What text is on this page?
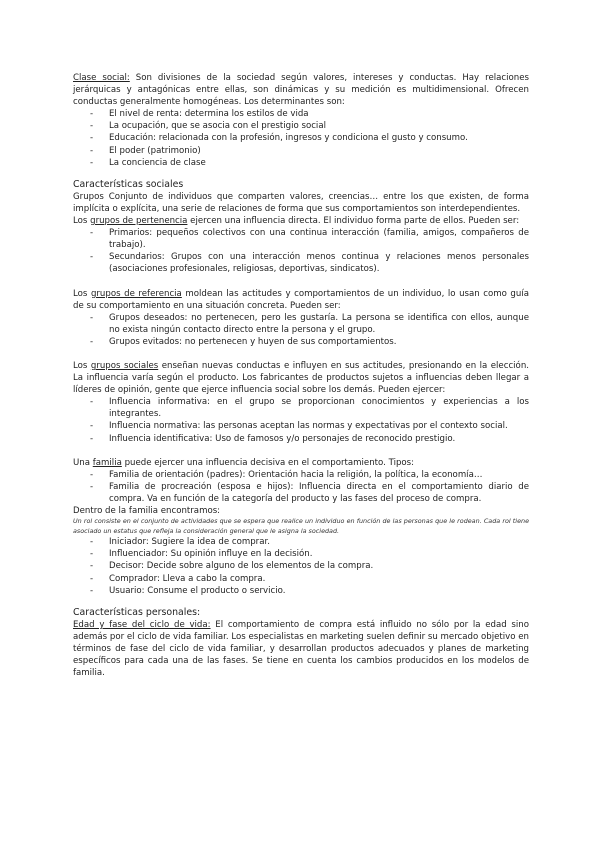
Clase social: Son divisiones de la sociedad según valores, intereses y conductas. Hay relaciones jerárquicas y antagónicas entre ellas, son dinámicas y su medición es multidimensional. Ofrecen conductas generalmente homogéneas. Los determinantes son:

- El nivel de renta: determina los estilos de vida
- La ocupación, que se asocia con el prestigio social
- Educación: relacionada con la profesión, ingresos y condiciona el gusto y consumo.
- El poder (patrimonio)
- La conciencia de clase

Características sociales

Grupos Conjunto de individuos que comparten valores, creencias… entre los que existen, de forma implícita o explícita, una serie de relaciones de forma que sus comportamientos son interdependientes.

Los grupos de pertenencia ejercen una influencia directa. El individuo forma parte de ellos. Pueden ser:

- Primarios: pequeños colectivos con una continua interacción (familia, amigos, compañeros de trabajo).
- Secundarios: Grupos con una interacción menos continua y relaciones menos personales (asociaciones profesionales, religiosas, deportivas, sindicatos).

Los grupos de referencia moldean las actitudes y comportamientos de un individuo, lo usan como guía de su comportamiento en una situación concreta. Pueden ser:

- Grupos deseados: no pertenecen, pero les gustaría. La persona se identifica con ellos, aunque no exista ningún contacto directo entre la persona y el grupo.
- Grupos evitados: no pertenecen y huyen de sus comportamientos.

Los grupos sociales enseñan nuevas conductas e influyen en sus actitudes, presionando en la elección. La influencia varía según el producto. Los fabricantes de productos sujetos a influencias deben llegar a líderes de opinión, gente que ejerce influencia social sobre los demás. Pueden ejercer:

- Influencia informativa: en el grupo se proporcionan conocimientos y experiencias a los integrantes.
- Influencia normativa: las personas aceptan las normas y expectativas por el contexto social.
- Influencia identificativa: Uso de famosos y/o personajes de reconocido prestigio.

Una familia puede ejercer una influencia decisiva en el comportamiento. Tipos:

- Familia de orientación (padres): Orientación hacia la religión, la política, la economía…
- Familia de procreación (esposa e hijos): Influencia directa en el comportamiento diario de compra. Va en función de la categoría del producto y las fases del proceso de compra.

Dentro de la familia encontramos:

Un rol consiste en el conjunto de actividades que se espera que realice un individuo en función de las personas que le rodean. Cada rol tiene asociado un estatus que refleja la consideración general que le asigna la sociedad.

- Iniciador: Sugiere la idea de comprar.
- Influenciador: Su opinión influye en la decisión.
- Decisor: Decide sobre alguno de los elementos de la compra.
- Comprador: Lleva a cabo la compra.
- Usuario: Consume el producto o servicio.

Características personales:

Edad y fase del ciclo de vida: El comportamiento de compra está influido no sólo por la edad sino además por el ciclo de vida familiar. Los especialistas en marketing suelen definir su mercado objetivo en términos de fase del ciclo de vida familiar, y desarrollan productos adecuados y planes de marketing específicos para cada una de las fases. Se tiene en cuenta los cambios producidos en los modelos de familia.
